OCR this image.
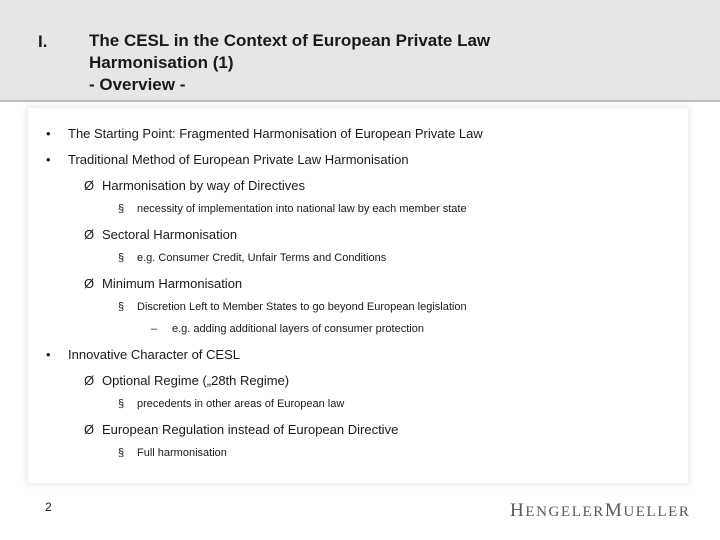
I. The CESL in the Context of European Private Law
Harmonisation (1)
- Overview -
• The Starting Point: Fragmented Harmonisation of European Private Law
• Traditional Method of European Private Law Harmonisation
Ø Harmonisation by way of Directives
§ necessity of implementation into national law by each member state
Ø Sectoral Harmonisation
§ e.g. Consumer Credit, Unfair Terms and Conditions
Ø Minimum Harmonisation
§ Discretion Left to Member States to go beyond European legislation
– e.g. adding additional layers of consumer protection
• Innovative Character of CESL
Ø Optional Regime („28th Regime)
§ precedents in other areas of European law
Ø European Regulation instead of European Directive
§ Full harmonisation
2	HENGELERMUELLER
